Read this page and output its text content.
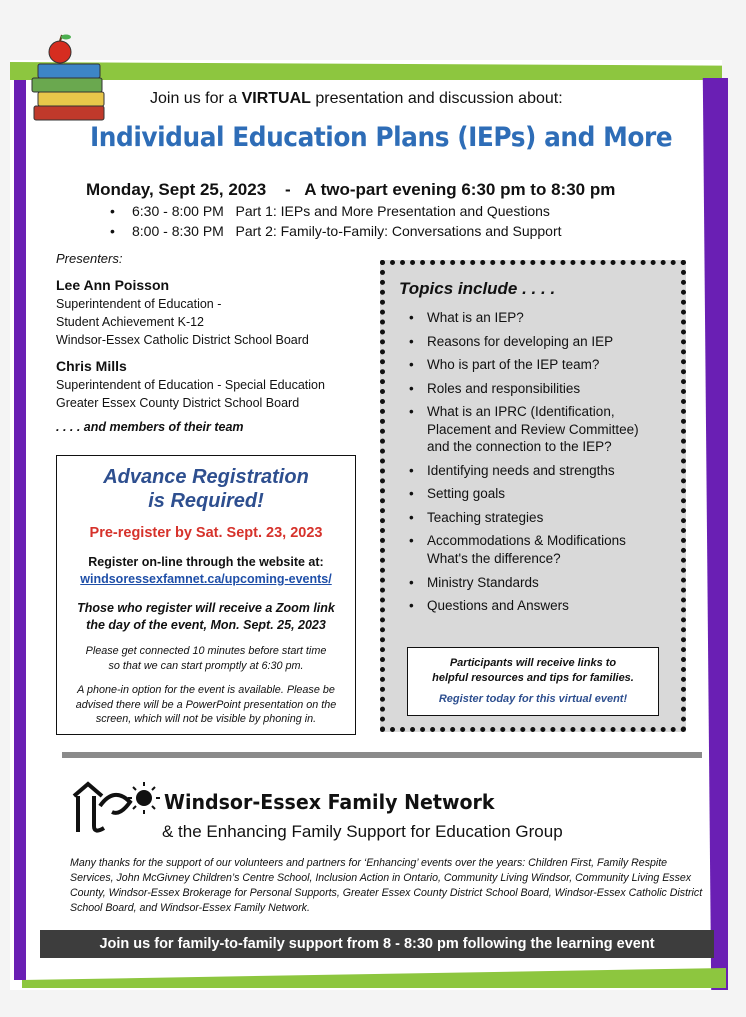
Join us for a VIRTUAL presentation and discussion about:
Individual Education Plans (IEPs) and More
Monday, Sept 25, 2023    -   A two-part evening 6:30 pm to 8:30 pm
• 6:30 - 8:00 PM Part 1: IEPs and More Presentation and Questions
• 8:00 - 8:30 PM Part 2: Family-to-Family: Conversations and Support
Presenters:
Lee Ann Poisson
Superintendent of Education -
Student Achievement K-12
Windsor-Essex Catholic District School Board
Chris Mills
Superintendent of Education - Special Education
Greater Essex County District School Board
. . . . and members of their team
Advance Registration
is Required!
Pre-register by Sat. Sept. 23, 2023
Register on-line through the website at:
windsoressexfamnet.ca/upcoming-events/
Those who register will receive a Zoom link
the day of the event, Mon. Sept. 25, 2023
Please get connected 10 minutes before start time
so that we can start promptly at 6:30 pm.
A phone-in option for the event is available. Please be
advised there will be a PowerPoint presentation on the
screen, which will not be visible by phoning in.
Topics include . . . .
• What is an IEP?
• Reasons for developing an IEP
• Who is part of the IEP team?
• Roles and responsibilities
• What is an IPRC (Identification, Placement and Review Committee) and the connection to the IEP?
• Identifying needs and strengths
• Setting goals
• Teaching strategies
• Accommodations & Modifications What's the difference?
• Ministry Standards
• Questions and Answers
Participants will receive links to
helpful resources and tips for families.
Register today for this virtual event!
Windsor-Essex Family Network
& the Enhancing Family Support for Education Group
Many thanks for the support of our volunteers and partners for ‘Enhancing’ events over the years: Children First, Family Respite Services, John McGivney Children’s Centre School, Inclusion Action in Ontario, Community Living Windsor, Community Living Essex County, Windsor-Essex Brokerage for Personal Supports, Greater Essex County District School Board, Windsor-Essex Catholic District School Board, and Windsor-Essex Family Network.
Join us for family-to-family support from 8 - 8:30 pm following the learning event
